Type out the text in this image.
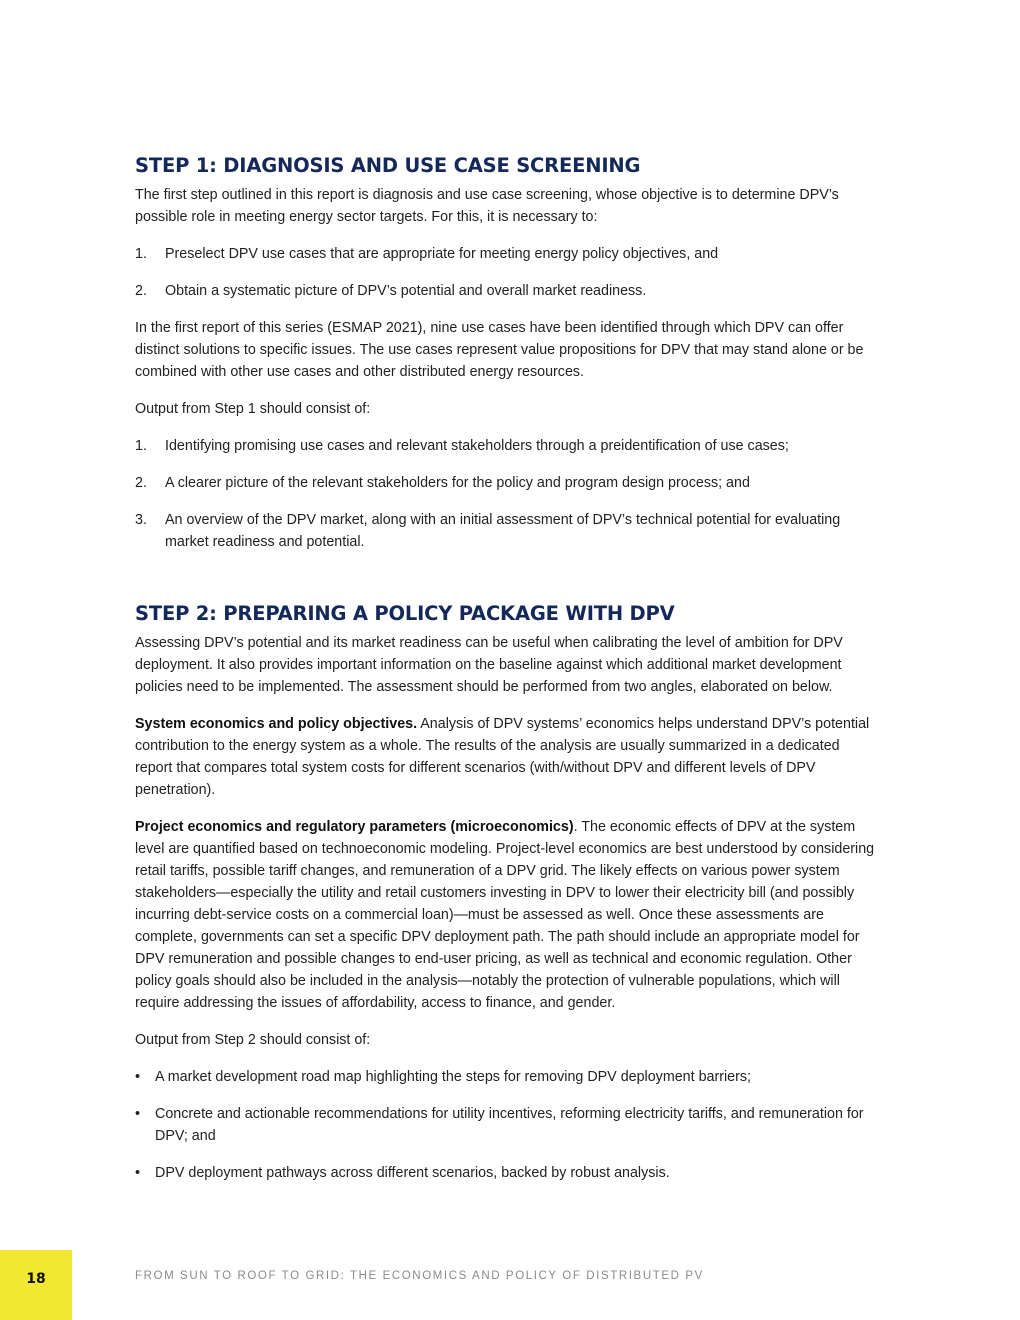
STEP 1: DIAGNOSIS AND USE CASE SCREENING

The first step outlined in this report is diagnosis and use case screening, whose objective is to determine DPV’s possible role in meeting energy sector targets. For this, it is necessary to:

1. Preselect DPV use cases that are appropriate for meeting energy policy objectives, and
2. Obtain a systematic picture of DPV’s potential and overall market readiness.

In the first report of this series (ESMAP 2021), nine use cases have been identified through which DPV can offer distinct solutions to specific issues. The use cases represent value propositions for DPV that may stand alone or be combined with other use cases and other distributed energy resources.

Output from Step 1 should consist of:

1. Identifying promising use cases and relevant stakeholders through a preidentification of use cases;
2. A clearer picture of the relevant stakeholders for the policy and program design process; and
3. An overview of the DPV market, along with an initial assessment of DPV’s technical potential for evaluating market readiness and potential.
STEP 2: PREPARING A POLICY PACKAGE WITH DPV

Assessing DPV’s potential and its market readiness can be useful when calibrating the level of ambition for DPV deployment. It also provides important information on the baseline against which additional market development policies need to be implemented. The assessment should be performed from two angles, elaborated on below.

System economics and policy objectives. Analysis of DPV systems’ economics helps understand DPV’s potential contribution to the energy system as a whole. The results of the analysis are usually summarized in a dedicated report that compares total system costs for different scenarios (with/without DPV and different levels of DPV penetration).

Project economics and regulatory parameters (microeconomics). The economic effects of DPV at the system level are quantified based on technoeconomic modeling. Project-level economics are best understood by considering retail tariffs, possible tariff changes, and remuneration of a DPV grid. The likely effects on various power system stakeholders—especially the utility and retail customers investing in DPV to lower their electricity bill (and possibly incurring debt-service costs on a commercial loan)—must be assessed as well. Once these assessments are complete, governments can set a specific DPV deployment path. The path should include an appropriate model for DPV remuneration and possible changes to end-user pricing, as well as technical and economic regulation. Other policy goals should also be included in the analysis—notably the protection of vulnerable populations, which will require addressing the issues of affordability, access to finance, and gender.

Output from Step 2 should consist of:

• A market development road map highlighting the steps for removing DPV deployment barriers;
• Concrete and actionable recommendations for utility incentives, reforming electricity tariffs, and remuneration for DPV; and
• DPV deployment pathways across different scenarios, backed by robust analysis.
18	FROM SUN TO ROOF TO GRID: THE ECONOMICS AND POLICY OF DISTRIBUTED PV
